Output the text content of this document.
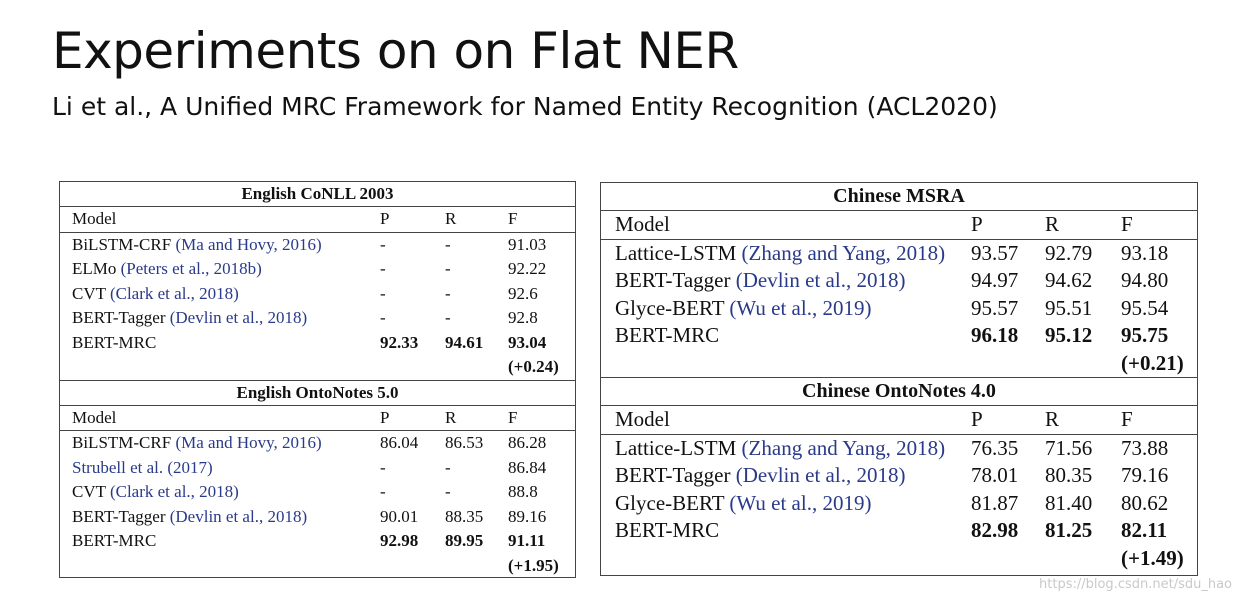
Experiments on on Flat NER
Li et al., A Unified MRC Framework for Named Entity Recognition (ACL2020)
English CoNLL 2003
Model	P	R	F
BiLSTM-CRF (Ma and Hovy, 2016)	-	-	91.03
ELMo (Peters et al., 2018b)	-	-	92.22
CVT (Clark et al., 2018)	-	-	92.6
BERT-Tagger (Devlin et al., 2018)	-	-	92.8
BERT-MRC	92.33 94.61 93.04
(+0.24)
English OntoNotes 5.0
Model	P	R	F
BiLSTM-CRF (Ma and Hovy, 2016)	86.04 86.53 86.28
Strubell et al. (2017)	-	-	86.84
CVT (Clark et al., 2018)	-	-	88.8
BERT-Tagger (Devlin et al., 2018)	90.01 88.35 89.16
BERT-MRC	92.98 89.95 91.11
(+1.95)
Chinese MSRA
Model	P	R	F
Lattice-LSTM (Zhang and Yang, 2018) 93.57 92.79 93.18
BERT-Tagger (Devlin et al., 2018)	94.97 94.62 94.80
Glyce-BERT (Wu et al., 2019)	95.57 95.51 95.54
BERT-MRC	96.18 95.12 95.75
(+0.21)
Chinese OntoNotes 4.0
Model	P	R	F
Lattice-LSTM (Zhang and Yang, 2018) 76.35 71.56 73.88
BERT-Tagger (Devlin et al., 2018)	78.01 80.35 79.16
Glyce-BERT (Wu et al., 2019)	81.87 81.40 80.62
BERT-MRC	82.98 81.25 82.11
(+1.49)
https://blog.csdn.net/sdu_hao
